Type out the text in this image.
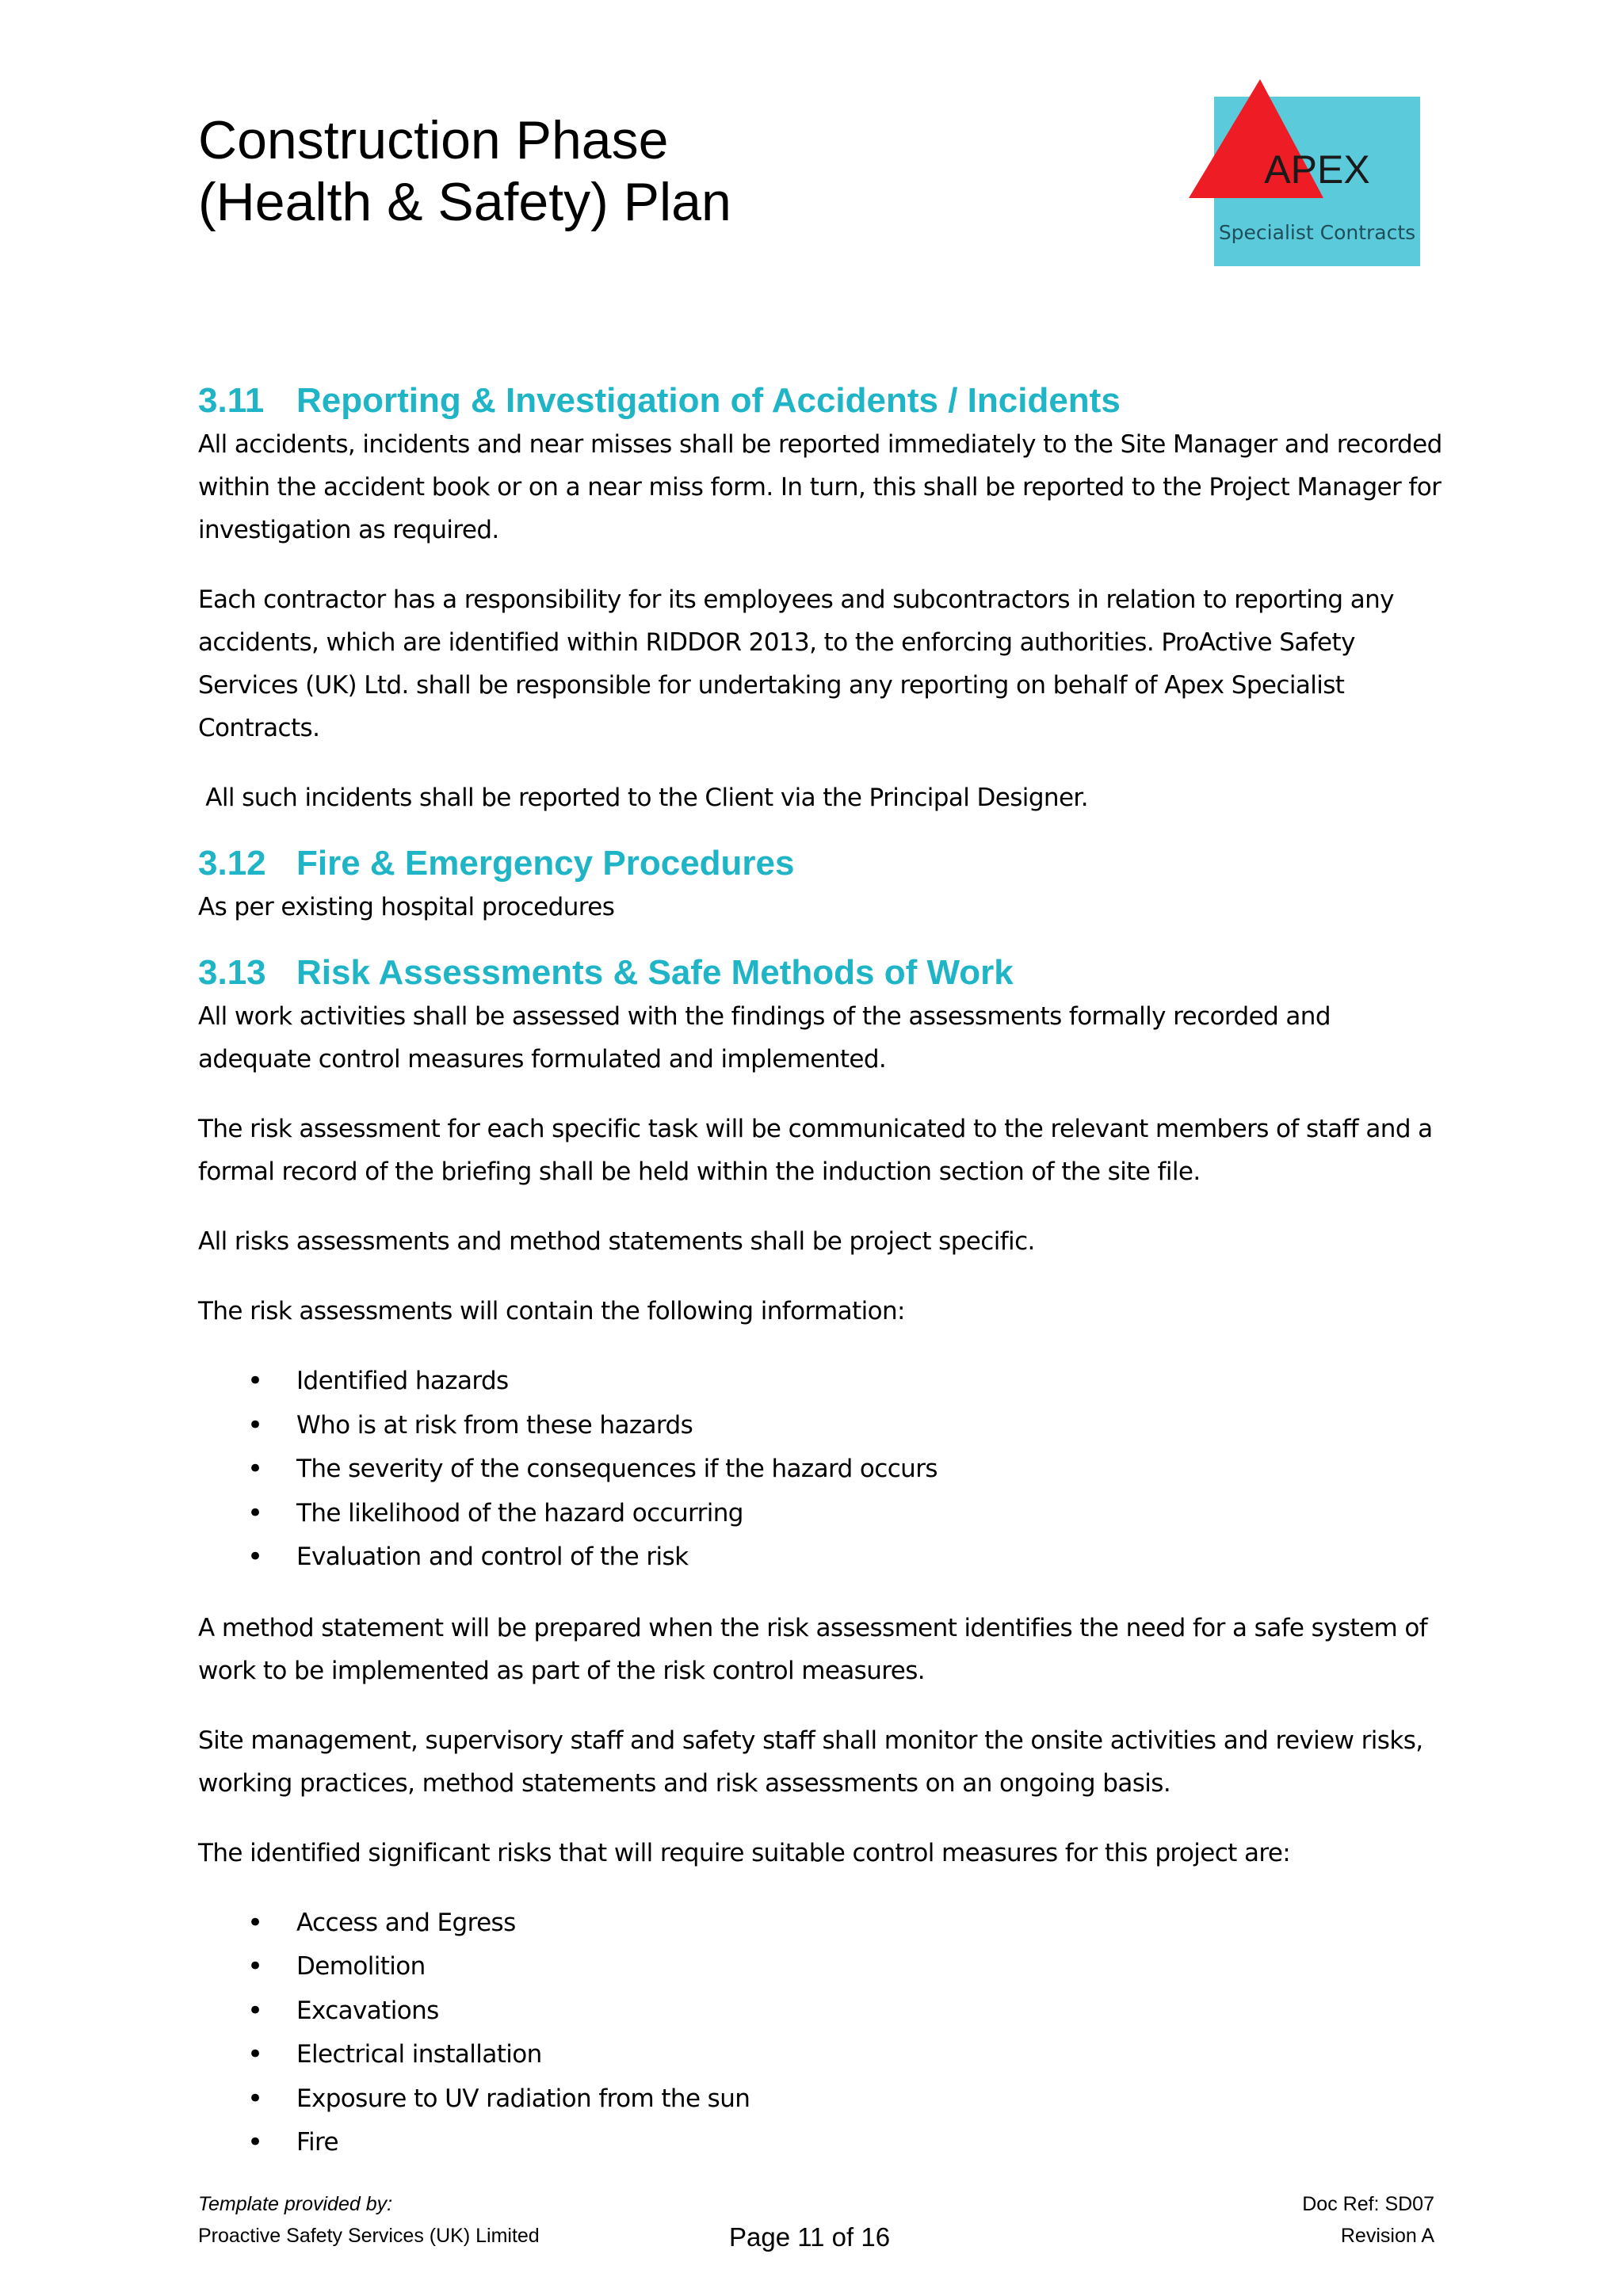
Construction Phase
(Health & Safety) Plan
APEX
Specialist Contracts
3.11 Reporting & Investigation of Accidents / Incidents

All accidents, incidents and near misses shall be reported immediately to the Site Manager and recorded within the accident book or on a near miss form. In turn, this shall be reported to the Project Manager for investigation as required.

Each contractor has a responsibility for its employees and subcontractors in relation to reporting any accidents, which are identified within RIDDOR 2013, to the enforcing authorities. ProActive Safety Services (UK) Ltd. shall be responsible for undertaking any reporting on behalf of Apex Specialist Contracts.

All such incidents shall be reported to the Client via the Principal Designer.

3.12 Fire & Emergency Procedures

As per existing hospital procedures

3.13 Risk Assessments & Safe Methods of Work

All work activities shall be assessed with the findings of the assessments formally recorded and adequate control measures formulated and implemented.

The risk assessment for each specific task will be communicated to the relevant members of staff and a formal record of the briefing shall be held within the induction section of the site file.

All risks assessments and method statements shall be project specific.

The risk assessments will contain the following information:

• Identified hazards
• Who is at risk from these hazards
• The severity of the consequences if the hazard occurs
• The likelihood of the hazard occurring
• Evaluation and control of the risk

A method statement will be prepared when the risk assessment identifies the need for a safe system of work to be implemented as part of the risk control measures.

Site management, supervisory staff and safety staff shall monitor the onsite activities and review risks, working practices, method statements and risk assessments on an ongoing basis.

The identified significant risks that will require suitable control measures for this project are:

• Access and Egress
• Demolition
• Excavations
• Electrical installation
• Exposure to UV radiation from the sun
• Fire
Template provided by:
Proactive Safety Services (UK) Limited	Page 11 of 16
Doc Ref: SD07
Revision A
